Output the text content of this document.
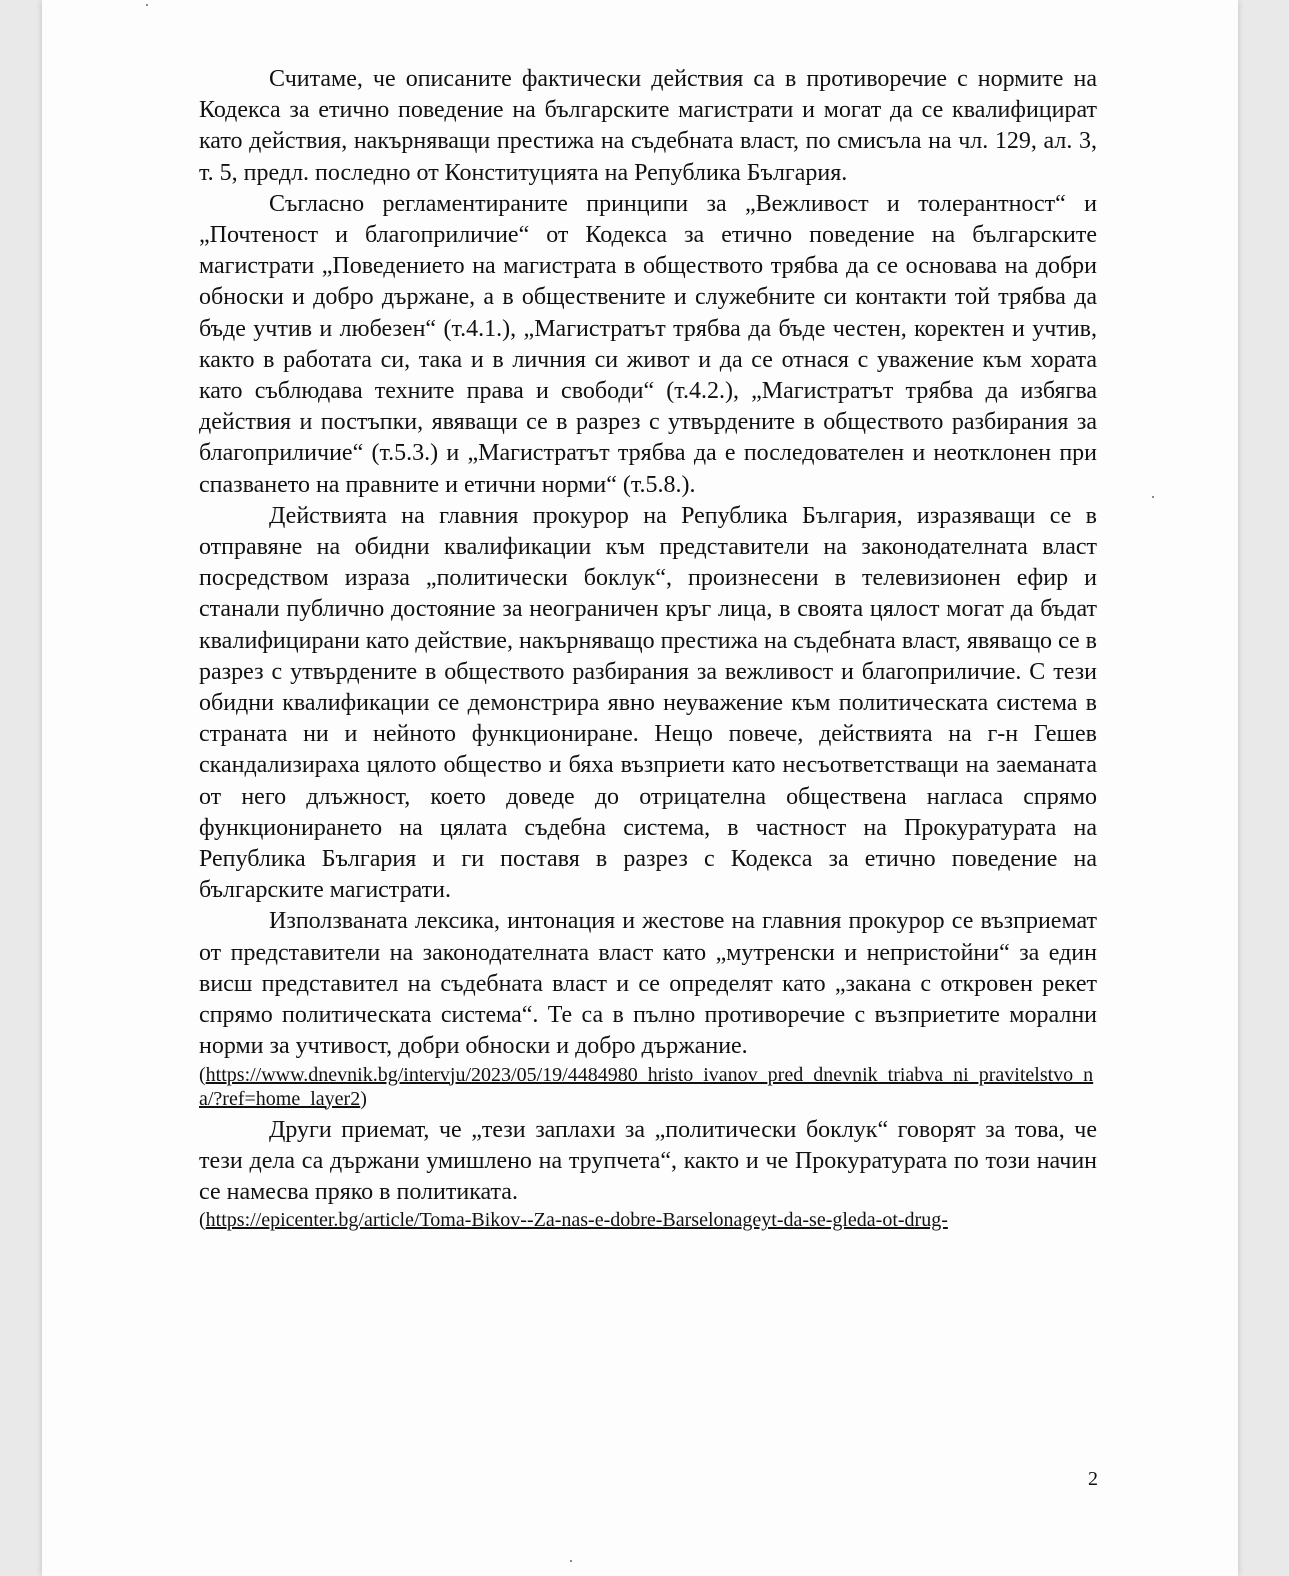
Считаме, че описаните фактически действия са в противоречие с нормите на Кодекса за етично поведение на българските магистрати и могат да се квалифицират като действия, накърняващи престижа на съдебната власт, по смисъла на чл. 129, ал. 3, т. 5, предл. последно от Конституцията на Република България.

Съгласно регламентираните принципи за „Вежливост и толерантност“ и „Почтеност и благоприличие“ от Кодекса за етично поведение на българските магистрати „Поведението на магистрата в обществото трябва да се основава на добри обноски и добро държане, а в обществените и служебните си контакти той трябва да бъде учтив и любезен“ (т.4.1.), „Магистратът трябва да бъде честен, коректен и учтив, както в работата си, така и в личния си живот и да се отнася с уважение към хората като съблюдава техните права и свободи“ (т.4.2.), „Магистратът трябва да избягва действия и постъпки, явяващи се в разрез с утвърдените в обществото разбирания за благоприличие“ (т.5.3.) и „Магистратът трябва да е последователен и неотклонен при спазването на правните и етични норми“ (т.5.8.).

Действията на главния прокурор на Република България, изразяващи се в отправяне на обидни квалификации към представители на законодателната власт посредством израза „политически боклук“, произнесени в телевизионен ефир и станали публично достояние за неограничен кръг лица, в своята цялост могат да бъдат квалифицирани като действие, накърняващо престижа на съдебната власт, явяващо се в разрез с утвърдените в обществото разбирания за вежливост и благоприличие. С тези обидни квалификации се демонстрира явно неуважение към политическата система в страната ни и нейното функциониране. Нещо повече, действията на г-н Гешев скандализираха цялото общество и бяха възприети като несъответстващи на заеманата от него длъжност, което доведе до отрицателна обществена нагласа спрямо функционирането на цялата съдебна система, в частност на Прокуратурата на Република България и ги поставя в разрез с Кодекса за етично поведение на българските магистрати.

Използваната лексика, интонация и жестове на главния прокурор се възприемат от представители на законодателната власт като „мутренски и непристойни“ за един висш представител на съдебната власт и се определят като „закана с откровен рекет спрямо политическата система“. Те са в пълно противоречие с възприетите морални норми за учтивост, добри обноски и добро държание.

(https://www.dnevnik.bg/intervju/2023/05/19/4484980_hristo_ivanov_pred_dnevnik_triabva_ni_pravitelstvo_na/?ref=home_layer2)

Други приемат, че „тези заплахи за „политически боклук“ говорят за това, че тези дела са държани умишлено на трупчета“, както и че Прокуратурата по този начин се намесва пряко в политиката.

(https://epicenter.bg/article/Toma-Bikov--Za-nas-e-dobre-Barselonageyt-da-se-gleda-ot-drug-

2
